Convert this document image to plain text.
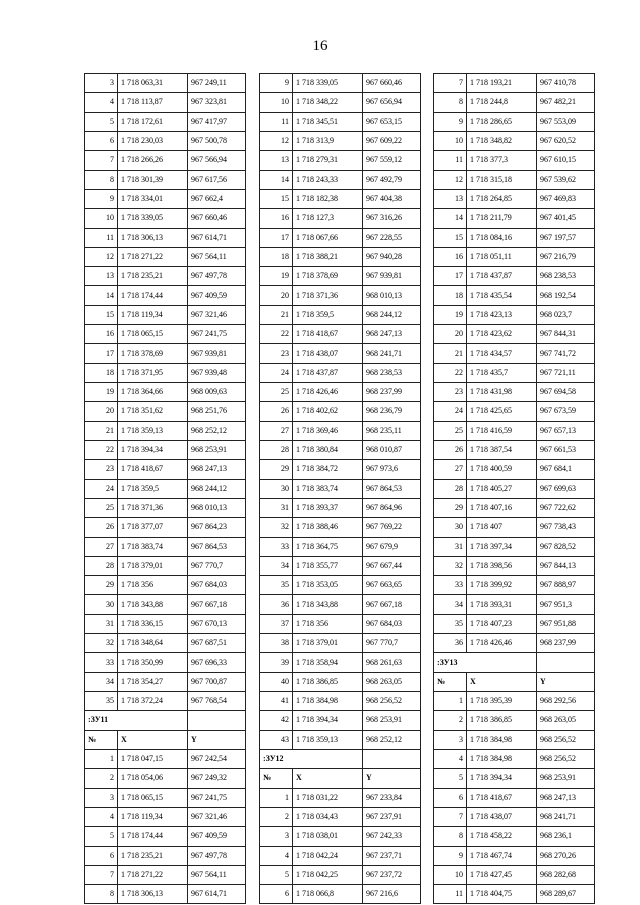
16
3	1 718 063,31	967 249,11
4	1 718 113,87	967 323,81
5	1 718 172,61	967 417,97
6	1 718 230,03	967 500,78
7	1 718 266,26	967 566,94
8	1 718 301,39	967 617,56
9	1 718 334,01	967 662,4
10	1 718 339,05	967 660,46
11	1 718 306,13	967 614,71
12	1 718 271,22	967 564,11
13	1 718 235,21	967 497,78
14	1 718 174,44	967 409,59
15	1 718 119,34	967 321,46
16	1 718 065,15	967 241,75
17	1 718 378,69	967 939,81
18	1 718 371,95	967 939,48
19	1 718 364,66	968 009,63
20	1 718 351,62	968 251,76
21	1 718 359,13	968 252,12
22	1 718 394,34	968 253,91
23	1 718 418,67	968 247,13
24	1 718 359,5	968 244,12
25	1 718 371,36	968 010,13
26	1 718 377,07	967 864,23
27	1 718 383,74	967 864,53
28	1 718 379,01	967 770,7
29	1 718 356	967 684,03
30	1 718 343,88	967 667,18
31	1 718 336,15	967 670,13
32	1 718 348,64	967 687,51
33	1 718 350,99	967 696,33
34	1 718 354,27	967 700,87
35	1 718 372,24	967 768,54
:ЗУ11		
№	X	Y
1	1 718 047,15	967 242,54
2	1 718 054,06	967 249,32
3	1 718 065,15	967 241,75
4	1 718 119,34	967 321,46
5	1 718 174,44	967 409,59
6	1 718 235,21	967 497,78
7	1 718 271,22	967 564,11
8	1 718 306,13	967 614,71
9	1 718 339,05	967 660,46
10	1 718 348,22	967 656,94
11	1 718 345,51	967 653,15
12	1 718 313,9	967 609,22
13	1 718 279,31	967 559,12
14	1 718 243,33	967 492,79
15	1 718 182,38	967 404,38
16	1 718 127,3	967 316,26
17	1 718 067,66	967 228,55
18	1 718 388,21	967 940,28
19	1 718 378,69	967 939,81
20	1 718 371,36	968 010,13
21	1 718 359,5	968 244,12
22	1 718 418,67	968 247,13
23	1 718 438,07	968 241,71
24	1 718 437,87	968 238,53
25	1 718 426,46	968 237,99
26	1 718 402,62	968 236,79
27	1 718 369,46	968 235,11
28	1 718 380,84	968 010,87
29	1 718 384,72	967 973,6
30	1 718 383,74	967 864,53
31	1 718 393,37	967 864,96
32	1 718 388,46	967 769,22
33	1 718 364,75	967 679,9
34	1 718 355,77	967 667,44
35	1 718 353,05	967 663,65
36	1 718 343,88	967 667,18
37	1 718 356	967 684,03
38	1 718 379,01	967 770,7
39	1 718 358,94	968 261,63
40	1 718 386,85	968 263,05
41	1 718 384,98	968 256,52
42	1 718 394,34	968 253,91
43	1 718 359,13	968 252,12
:ЗУ12		
№	X	Y
1	1 718 031,22	967 233,84
2	1 718 034,43	967 237,91
3	1 718 038,01	967 242,33
4	1 718 042,24	967 237,71
5	1 718 042,25	967 237,72
6	1 718 066,8	967 216,6
7	1 718 193,21	967 410,78
8	1 718 244,8	967 482,21
9	1 718 286,65	967 553,09
10	1 718 348,82	967 620,52
11	1 718 377,3	967 610,15
12	1 718 315,18	967 539,62
13	1 718 264,85	967 469,83
14	1 718 211,79	967 401,45
15	1 718 084,16	967 197,57
16	1 718 051,11	967 216,79
17	1 718 437,87	968 238,53
18	1 718 435,54	968 192,54
19	1 718 423,13	968 023,7
20	1 718 423,62	967 844,31
21	1 718 434,57	967 741,72
22	1 718 435,7	967 721,11
23	1 718 431,98	967 694,58
24	1 718 425,65	967 673,59
25	1 718 416,59	967 657,13
26	1 718 387,54	967 661,53
27	1 718 400,59	967 684,1
28	1 718 405,27	967 699,63
29	1 718 407,16	967 722,62
30	1 718 407	967 738,43
31	1 718 397,34	967 828,52
32	1 718 398,56	967 844,13
33	1 718 399,92	967 888,97
34	1 718 393,31	967 951,3
35	1 718 407,23	967 951,88
36	1 718 426,46	968 237,99
:ЗУ13		
№	X	Y
1	1 718 395,39	968 292,56
2	1 718 386,85	968 263,05
3	1 718 384,98	968 256,52
4	1 718 384,98	968 256,52
5	1 718 394,34	968 253,91
6	1 718 418,67	968 247,13
7	1 718 438,07	968 241,71
8	1 718 458,22	968 236,1
9	1 718 467,74	968 270,26
10	1 718 427,45	968 282,68
11	1 718 404,75	968 289,67
